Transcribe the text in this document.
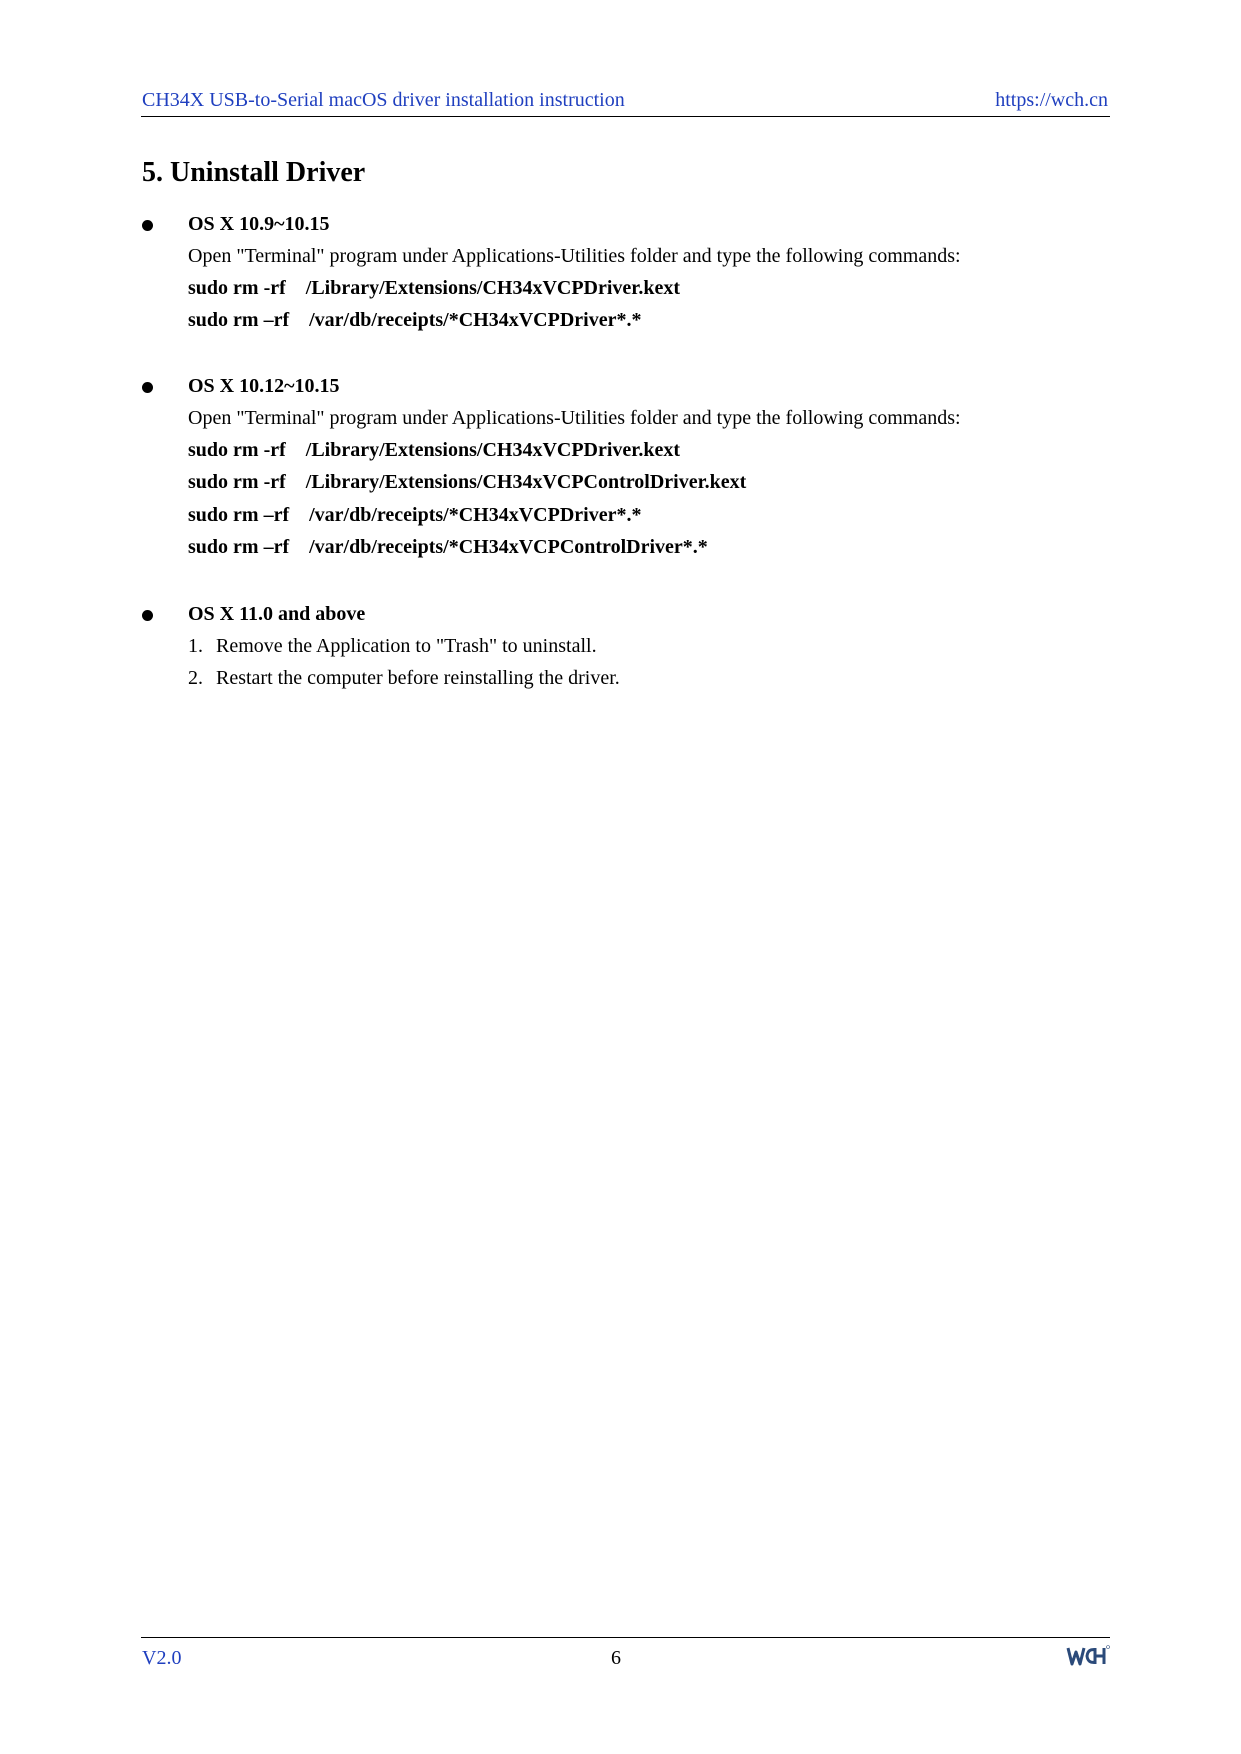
CH34X USB-to-Serial macOS driver installation instruction	https://wch.cn
5. Uninstall Driver
OS X 10.9~10.15
Open "Terminal" program under Applications-Utilities folder and type the following commands:
sudo rm -rf    /Library/Extensions/CH34xVCPDriver.kext
sudo rm –rf    /var/db/receipts/*CH34xVCPDriver*.*
OS X 10.12~10.15
Open "Terminal" program under Applications-Utilities folder and type the following commands:
sudo rm -rf    /Library/Extensions/CH34xVCPDriver.kext
sudo rm -rf    /Library/Extensions/CH34xVCPControlDriver.kext
sudo rm –rf    /var/db/receipts/*CH34xVCPDriver*.*
sudo rm –rf    /var/db/receipts/*CH34xVCPControlDriver*.*
OS X 11.0 and above
1. Remove the Application to "Trash" to uninstall.
2. Restart the computer before reinstalling the driver.
V2.0	6
